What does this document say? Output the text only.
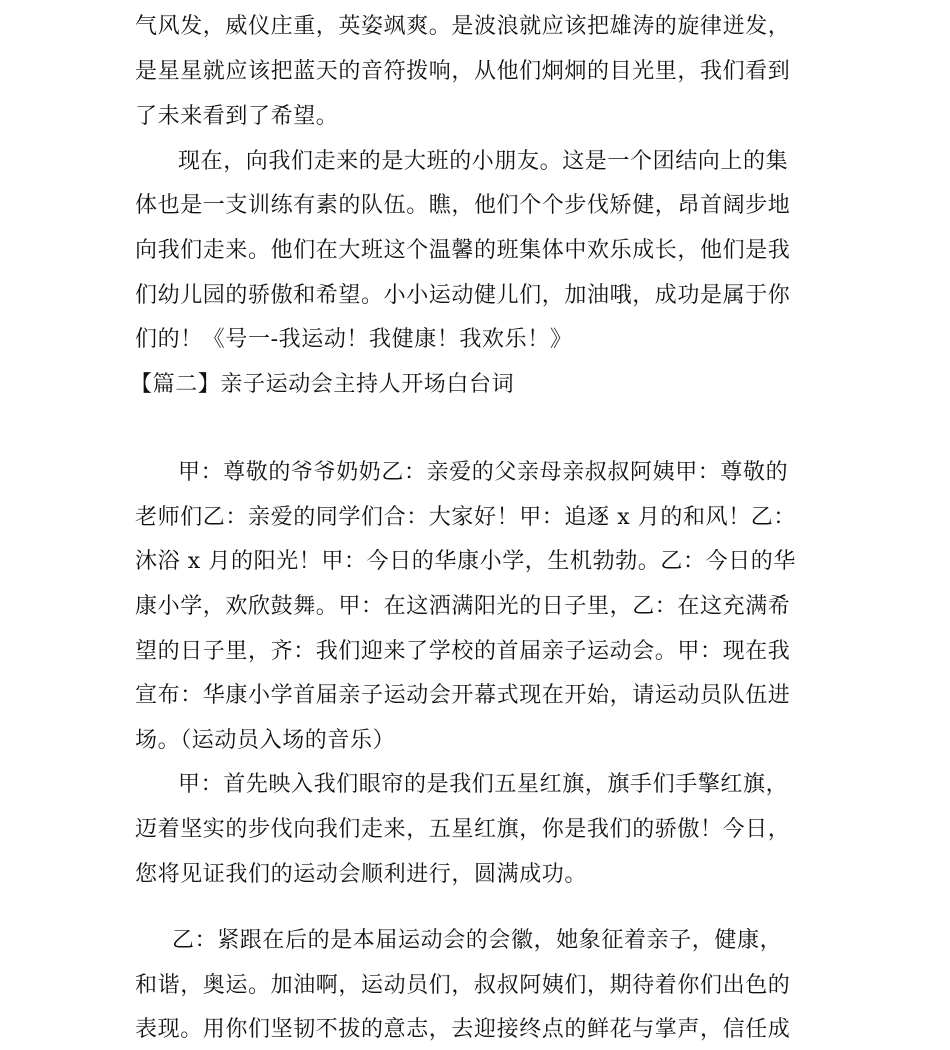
气风发，威仪庄重，英姿飒爽。是波浪就应该把雄涛的旋律迸发，
是星星就应该把蓝天的音符拨响，从他们炯炯的目光里，我们看到
了未来看到了希望。
现在，向我们走来的是大班的小朋友。这是一个团结向上的集
体也是一支训练有素的队伍。瞧，他们个个步伐矫健，昂首阔步地
向我们走来。他们在大班这个温馨的班集体中欢乐成长，他们是我
们幼儿园的骄傲和希望。小小运动健儿们，加油哦，成功是属于你
们的！《号一-我运动！我健康！我欢乐！》
【篇二】亲子运动会主持人开场白台词
甲：尊敬的爷爷奶奶乙：亲爱的父亲母亲叔叔阿姨甲：尊敬的
老师们乙：亲爱的同学们合：大家好！甲：追逐 x 月的和风！乙：
沐浴 x 月的阳光！甲：今日的华康小学，生机勃勃。乙：今日的华
康小学，欢欣鼓舞。甲：在这洒满阳光的日子里，乙：在这充满希
望的日子里，齐：我们迎来了学校的首届亲子运动会。甲：现在我
宣布：华康小学首届亲子运动会开幕式现在开始，请运动员队伍进
场。（运动员入场的音乐）
甲：首先映入我们眼帘的是我们五星红旗，旗手们手擎红旗，
迈着坚实的步伐向我们走来，五星红旗，你是我们的骄傲！今日，
您将见证我们的运动会顺利进行，圆满成功。
乙：紧跟在后的是本届运动会的会徽，她象征着亲子，健康，
和谐，奥运。加油啊，运动员们，叔叔阿姨们，期待着你们出色的
表现。用你们坚韧不拔的意志，去迎接终点的鲜花与掌声，信任成
